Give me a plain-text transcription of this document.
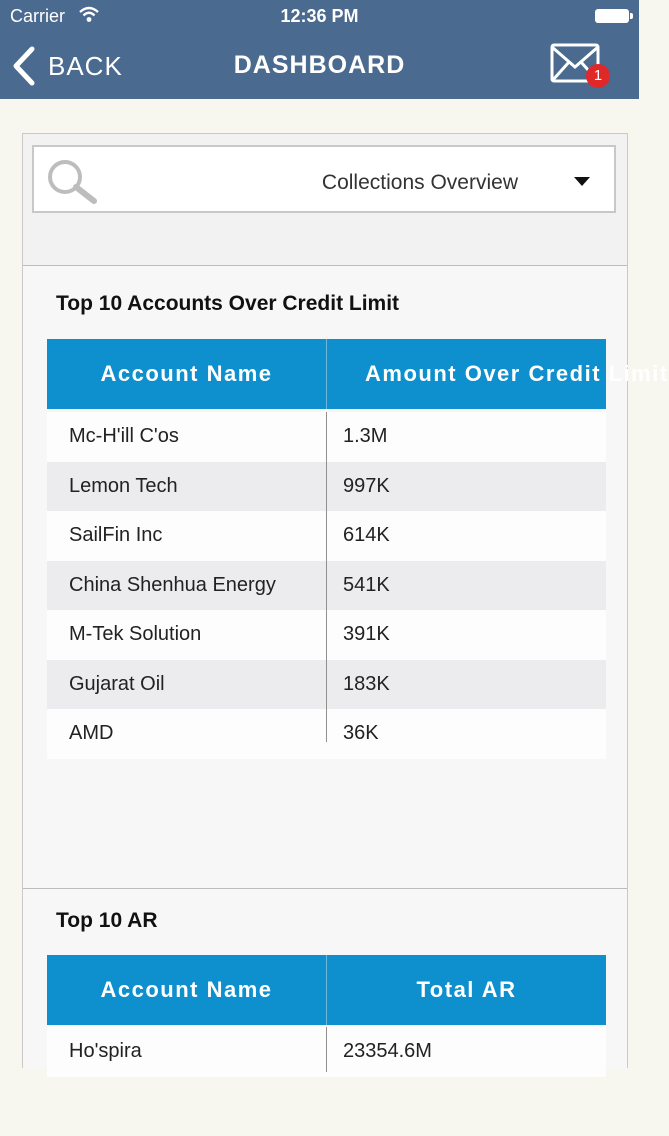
Carrier	12:36 PM
BACK	DASHBOARD	1
Collections Overview
Top 10 Accounts Over Credit Limit
Account Name	Amount Over Credit Limit
Mc-H'ill C'os	1.3M
Lemon Tech	997K
SailFin Inc	614K
China Shenhua Energy	541K
M-Tek Solution	391K
Gujarat Oil	183K
AMD	36K
Top 10 AR
Account Name	Total AR
Ho'spira	23354.6M
